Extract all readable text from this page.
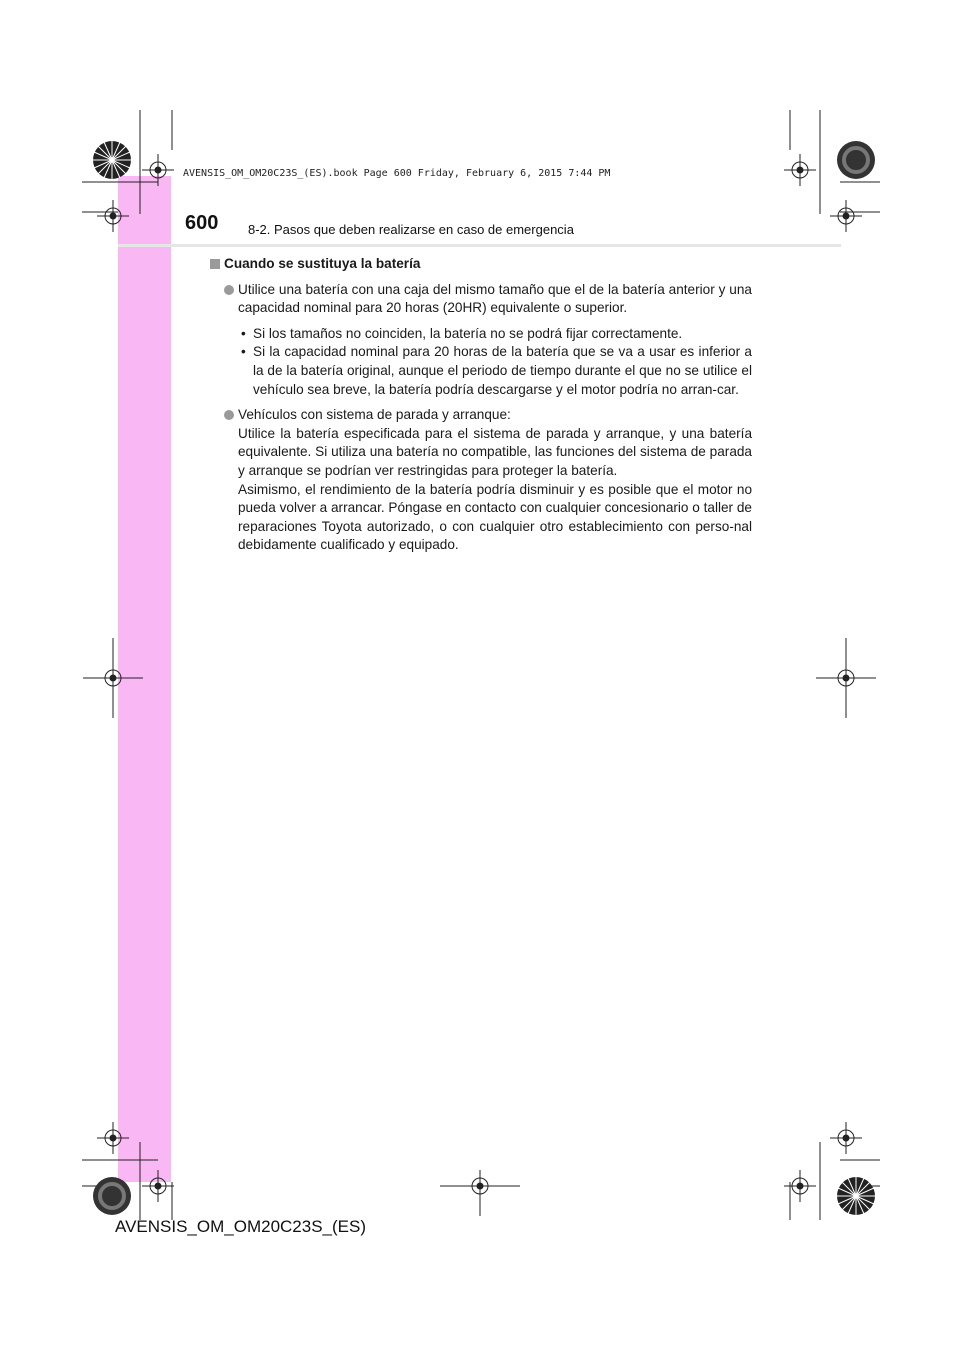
AVENSIS_OM_OM20C23S_(ES).book Page 600 Friday, February 6, 2015 7:44 PM
600 8-2. Pasos que deben realizarse en caso de emergencia
Cuando se sustituya la batería

Utilice una batería con una caja del mismo tamaño que el de la batería anterior y una capacidad nominal para 20 horas (20HR) equivalente o superior.

• Si los tamaños no coinciden, la batería no se podrá fijar correctamente.
• Si la capacidad nominal para 20 horas de la batería que se va a usar es inferior a la de la batería original, aunque el periodo de tiempo durante el que no se utilice el vehículo sea breve, la batería podría descargarse y el motor podría no arran-car.

Vehículos con sistema de parada y arranque:

Utilice la batería especificada para el sistema de parada y arranque, y una batería equivalente. Si utiliza una batería no compatible, las funciones del sistema de parada y arranque se podrían ver restringidas para proteger la batería.

Asimismo, el rendimiento de la batería podría disminuir y es posible que el motor no pueda volver a arrancar. Póngase en contacto con cualquier concesionario o taller de reparaciones Toyota autorizado, o con cualquier otro establecimiento con perso-nal debidamente cualificado y equipado.

AVENSIS_OM_OM20C23S_(ES)
